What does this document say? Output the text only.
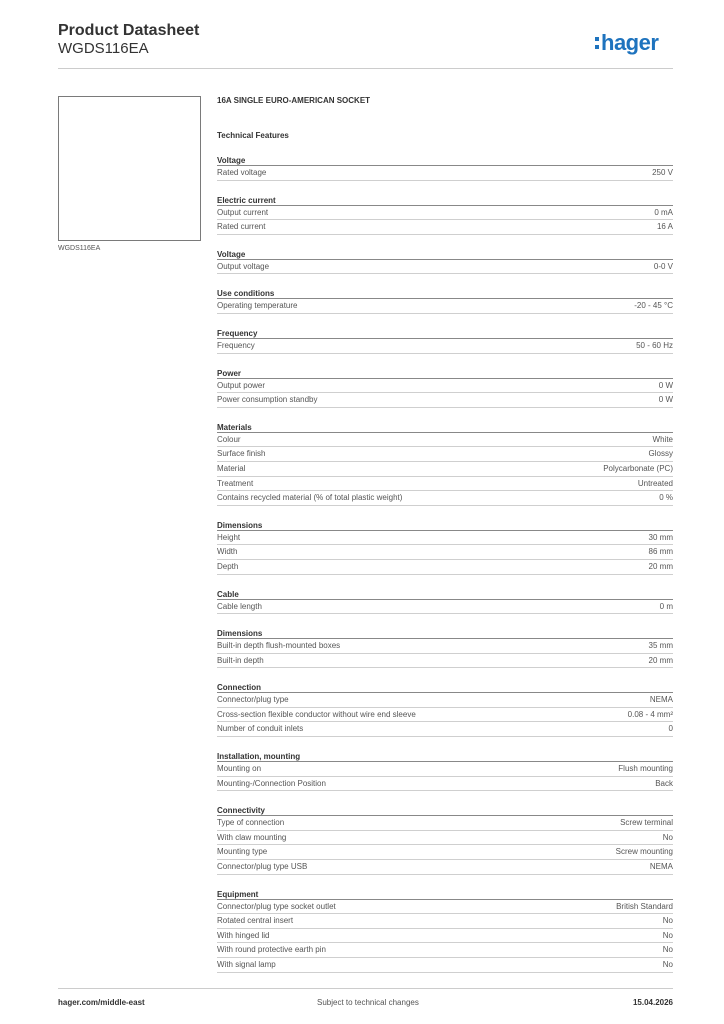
Product Datasheet
WGDS116EA	hager
WGDS116EA
16A SINGLE EURO-AMERICAN SOCKET
Technical Features
Voltage
Rated voltage	250 V
Electric current
Output current	0 mA
Rated current	16 A
Voltage
Output voltage	0-0 V
Use conditions
Operating temperature	-20 - 45 °C
Frequency
Frequency	50 - 60 Hz
Power
Output power	0 W
Power consumption standby	0 W
Materials
Colour	White
Surface finish	Glossy
Material	Polycarbonate (PC)
Treatment	Untreated
Contains recycled material (% of total plastic weight)	0 %
Dimensions
Height	30 mm
Width	86 mm
Depth	20 mm
Cable
Cable length	0 m
Dimensions
Built-in depth flush-mounted boxes	35 mm
Built-in depth	20 mm
Connection
Connector/plug type	NEMA
Cross-section flexible conductor without wire end sleeve	0.08 - 4 mm²
Number of conduit inlets	0
Installation, mounting
Mounting on	Flush mounting
Mounting-/Connection Position	Back
Connectivity
Type of connection	Screw terminal
With claw mounting	No
Mounting type	Screw mounting
Connector/plug type USB	NEMA
Equipment
Connector/plug type socket outlet	British Standard
Rotated central insert	No
With hinged lid	No
With round protective earth pin	No
With signal lamp	No
hager.com/middle-east	Subject to technical changes	15.04.2026
